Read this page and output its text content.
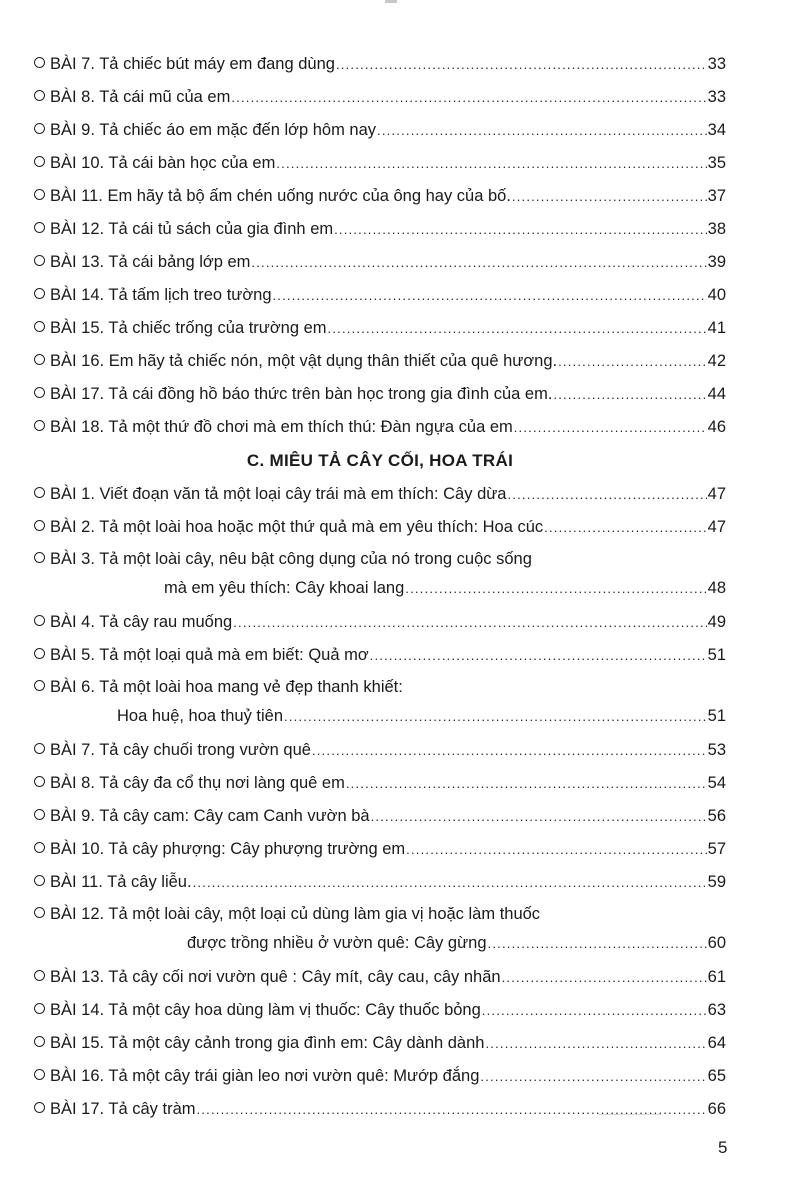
BÀI 7. Tả chiếc bút máy em đang dùng .....	33
BÀI 8. Tả cái mũ của em .....	33
BÀI 9. Tả chiếc áo em mặc đến lớp hôm nay .....	34
BÀI 10. Tả cái bàn học của em .....	35
BÀI 11. Em hãy tả bộ ấm chén uống nước của ông hay của bố. .....	37
BÀI 12. Tả cái tủ sách của gia đình em .....	38
BÀI 13. Tả cái bảng lớp em .....	39
BÀI 14. Tả tấm lịch treo tường .....	40
BÀI 15. Tả chiếc trống của trường em .....	41
BÀI 16. Em hãy tả chiếc nón, một vật dụng thân thiết của quê hương. .....	42
BÀI 17. Tả cái đồng hồ báo thức trên bàn học trong gia đình của em. .....	44
BÀI 18. Tả một thứ đồ chơi mà em thích thú: Đàn ngựa của em .....	46
C. MIÊU TẢ CÂY CỐI, HOA TRÁI
BÀI 1. Viết đoạn văn tả một loại cây trái mà em thích: Cây dừa .....	47
BÀI 2. Tả một loài hoa hoặc một thứ quả mà em yêu thích: Hoa cúc .....	47
BÀI 3. Tả một loài cây, nêu bật công dụng của nó trong cuộc sống
mà em yêu thích: Cây khoai lang .....	48
BÀI 4. Tả cây rau muống .....	49
BÀI 5. Tả một loại quả mà em biết: Quả mơ .....	51
BÀI 6. Tả một loài hoa mang vẻ đẹp thanh khiết:
Hoa huệ, hoa thuỷ tiên .....	51
BÀI 7. Tả cây chuối trong vườn quê .....	53
BÀI 8. Tả cây đa cổ thụ nơi làng quê em .....	54
BÀI 9. Tả cây cam: Cây cam Canh vườn bà .....	56
BÀI 10. Tả cây phượng: Cây phượng trường em .....	57
BÀI 11. Tả cây liễu. .....	59
BÀI 12. Tả một loài cây, một loại củ dùng làm gia vị hoặc làm thuốc
được trồng nhiều ở vườn quê: Cây gừng .....	60
BÀI 13. Tả cây cối nơi vườn quê : Cây mít, cây cau, cây nhãn .....	61
BÀI 14. Tả một cây hoa dùng làm vị thuốc: Cây thuốc bỏng .....	63
BÀI 15. Tả một cây cảnh trong gia đình em: Cây dành dành .....	64
BÀI 16. Tả một cây trái giàn leo nơi vườn quê: Mướp đắng .....	65
BÀI 17. Tả cây tràm .....	66
5
